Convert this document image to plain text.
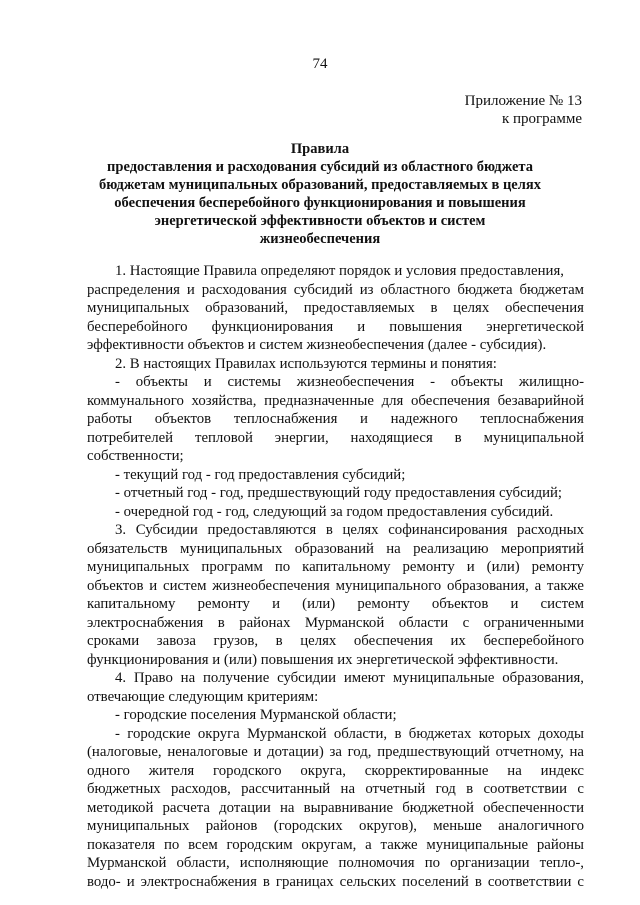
74
Приложение № 13
к программе
Правила
предоставления и расходования субсидий из областного бюджета
бюджетам муниципальных образований, предоставляемых в целях
обеспечения бесперебойного функционирования и повышения
энергетической эффективности объектов и систем
жизнеобеспечения
1. Настоящие Правила определяют порядок и условия предоставления,
распределения и расходования субсидий из областного бюджета бюджетам
муниципальных образований, предоставляемых в целях обеспечения
бесперебойного функционирования и повышения энергетической
эффективности объектов и систем жизнеобеспечения (далее - субсидия).
2. В настоящих Правилах используются термины и понятия:
- объекты и системы жизнеобеспечения - объекты жилищно-
коммунального хозяйства, предназначенные для обеспечения безаварийной
работы объектов теплоснабжения и надежного теплоснабжения
потребителей тепловой энергии, находящиеся в муниципальной
собственности;
- текущий год - год предоставления субсидий;
- отчетный год - год, предшествующий году предоставления субсидий;
- очередной год - год, следующий за годом предоставления субсидий.
3. Субсидии предоставляются в целях софинансирования расходных
обязательств муниципальных образований на реализацию мероприятий
муниципальных программ по капитальному ремонту и (или) ремонту
объектов и систем жизнеобеспечения муниципального образования, а также
капитальному ремонту и (или) ремонту объектов и систем
электроснабжения в районах Мурманской области с ограниченными
сроками завоза грузов, в целях обеспечения их бесперебойного
функционирования и (или) повышения их энергетической эффективности.
4. Право на получение субсидии имеют муниципальные образования,
отвечающие следующим критериям:
- городские поселения Мурманской области;
- городские округа Мурманской области, в бюджетах которых доходы
(налоговые, неналоговые и дотации) за год, предшествующий отчетному, на
одного жителя городского округа, скорректированные на индекс
бюджетных расходов, рассчитанный на отчетный год в соответствии с
методикой расчета дотации на выравнивание бюджетной обеспеченности
муниципальных районов (городских округов), меньше аналогичного
показателя по всем городским округам, а также муниципальные районы
Мурманской области, исполняющие полномочия по организации тепло-,
водо- и электроснабжения в границах сельских поселений в соответствии с
